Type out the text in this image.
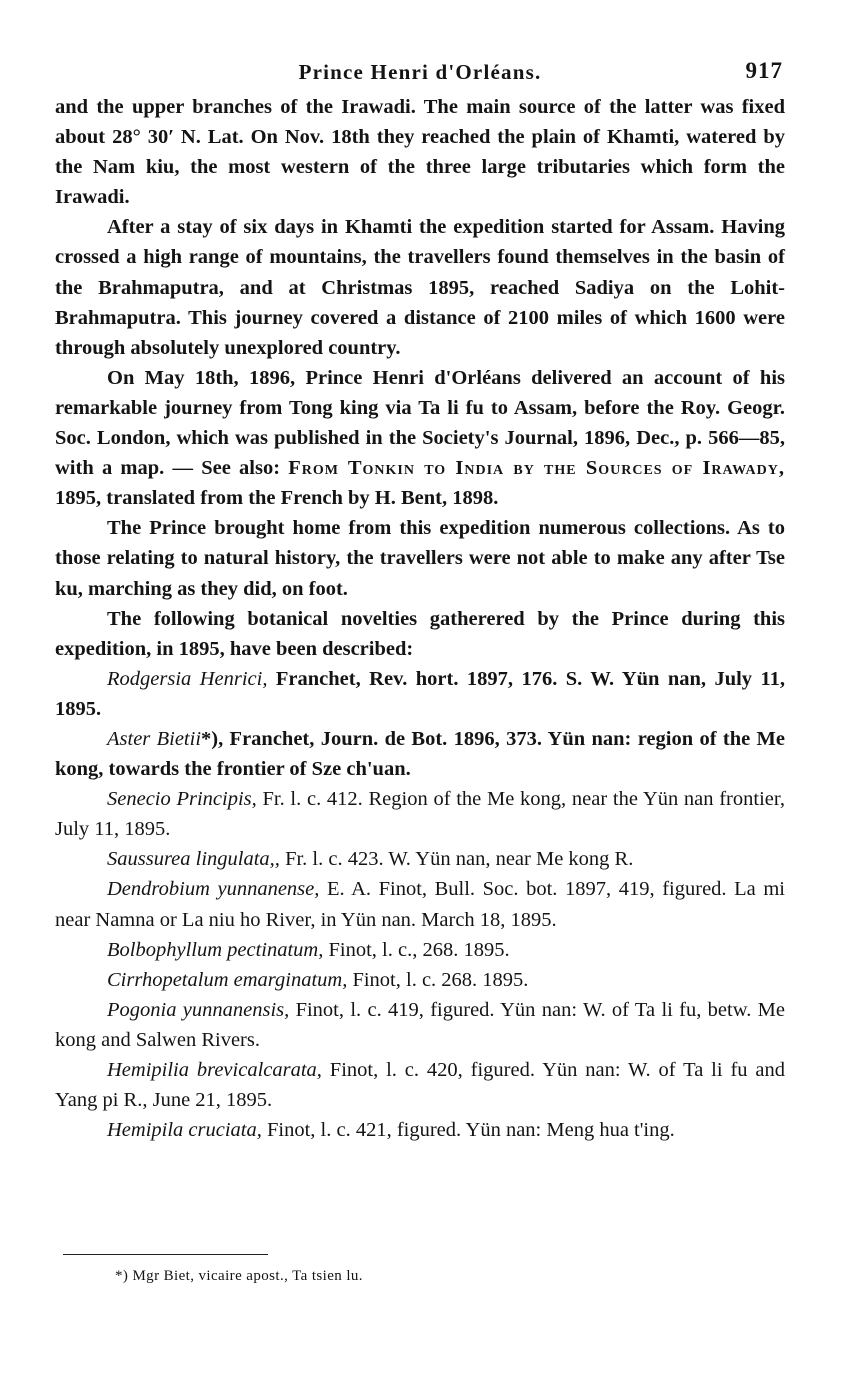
Prince Henri d'Orléans.	917

and the upper branches of the Irawadi. The main source of the latter was fixed about 28° 30′ N. Lat. On Nov. 18th they reached the plain of Khamti, watered by the Nam kiu, the most western of the three large tributaries which form the Irawadi.

After a stay of six days in Khamti the expedition started for Assam. Having crossed a high range of mountains, the travellers found themselves in the basin of the Brahmaputra, and at Christmas 1895, reached Sadiya on the Lohit-Brahmaputra. This journey covered a distance of 2100 miles of which 1600 were through absolutely unexplored country.

On May 18th, 1896, Prince Henri d'Orléans delivered an account of his remarkable journey from Tong king via Ta li fu to Assam, before the Roy. Geogr. Soc. London, which was published in the Society's Journal, 1896, Dec., p. 566—85, with a map. — See also: From Tonkin to India by the Sources of Irawady, 1895, translated from the French by H. Bent, 1898.

The Prince brought home from this expedition numerous collections. As to those relating to natural history, the travellers were not able to make any after Tse ku, marching as they did, on foot.

The following botanical novelties gatherered by the Prince during this expedition, in 1895, have been described:

Rodgersia Henrici, Franchet, Rev. hort. 1897, 176. S. W. Yün nan, July 11, 1895.

Aster Bietii*), Franchet, Journ. de Bot. 1896, 373. Yün nan: region of the Me kong, towards the frontier of Sze ch'uan.

Senecio Principis, Fr. l. c. 412. Region of the Me kong, near the Yün nan frontier, July 11, 1895.

Saussurea lingulata,, Fr. l. c. 423. W. Yün nan, near Me kong R.

Dendrobium yunnanense, E. A. Finot, Bull. Soc. bot. 1897, 419, figured. La mi near Namna or La niu ho River, in Yün nan. March 18, 1895.

Bolbophyllum pectinatum, Finot, l. c., 268. 1895.

Cirrhopetalum emarginatum, Finot, l. c. 268. 1895.

Pogonia yunnanensis, Finot, l. c. 419, figured. Yün nan: W. of Ta li fu, betw. Me kong and Salwen Rivers.

Hemipilia brevicalcarata, Finot, l. c. 420, figured. Yün nan: W. of Ta li fu and Yang pi R., June 21, 1895.

Hemipila cruciata, Finot, l. c. 421, figured. Yün nan: Meng hua t'ing.

*) Mgr Biet, vicaire apost., Ta tsien lu.
